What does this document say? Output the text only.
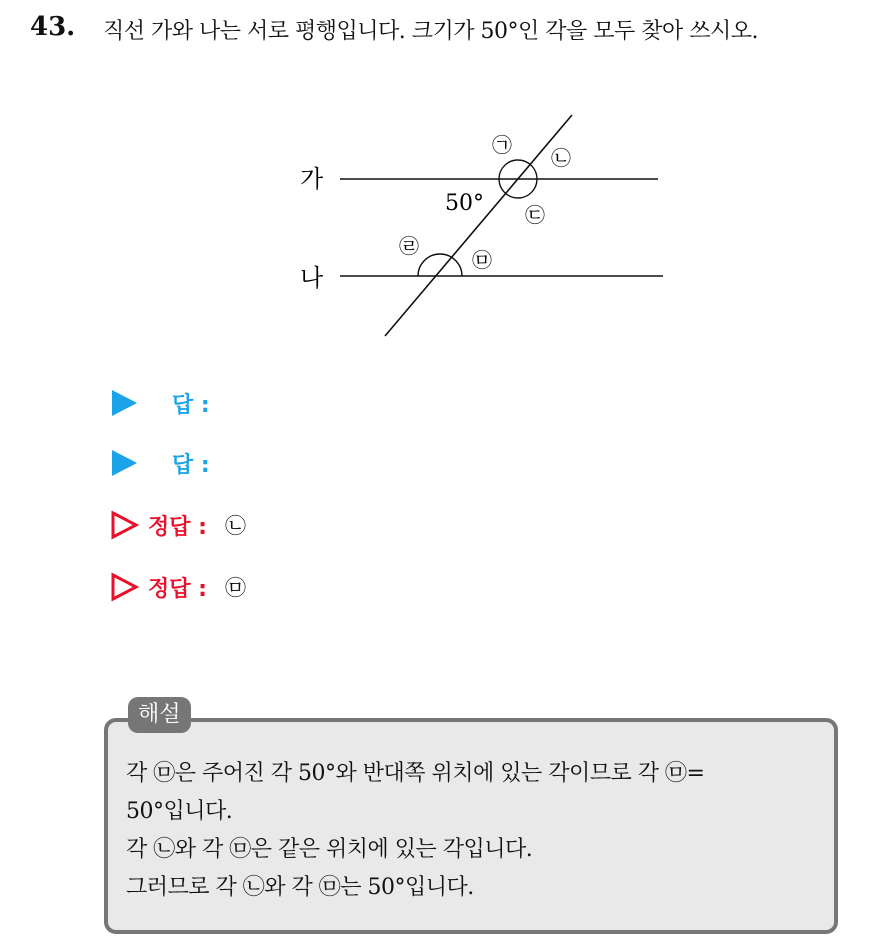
43. 직선 가와 나는 서로 평행입니다. 크기가 50°인 각을 모두 찾아 쓰시오.
가
나
50°
㉠
㉡
㉢
㉣
㉤
답 :
답 :
정답 : ㉡
정답 : ㉤
해설
각 ㉤은 주어진 각 50°와 반대쪽 위치에 있는 각이므로 각 ㉤=
50°입니다.
각 ㉡와 각 ㉤은 같은 위치에 있는 각입니다.
그러므로 각 ㉡와 각 ㉤는 50°입니다.
